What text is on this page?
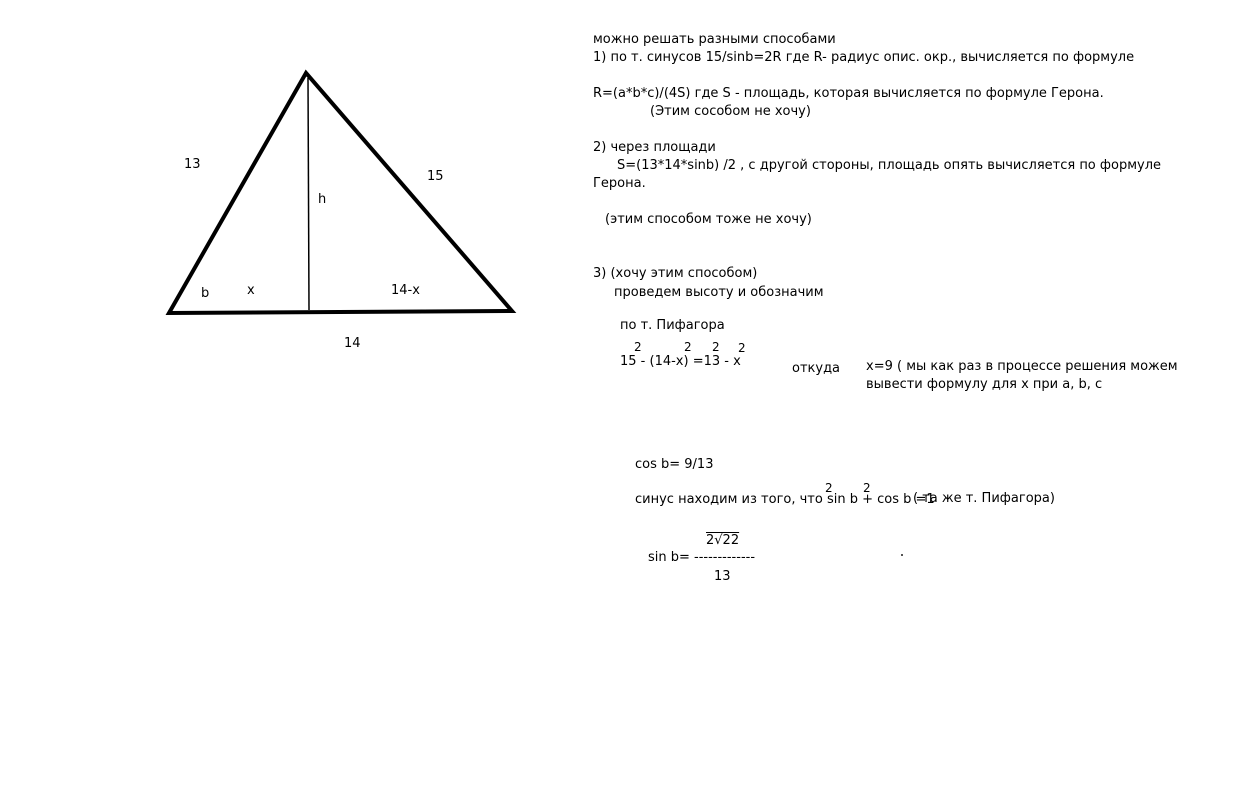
13
15
14
h
b	x	14-x
можно решать разными способами
1) по т. синусов 15/sinb=2R где R- радиус опис. окр., вычисляется по формуле
R=(a*b*c)/(4S) где S - площадь, которая вычисляется по формуле Герона.
(Этим сособом не хочу)
2) через площади
S=(13*14*sinb) /2 , с другой стороны, площадь опять вычисляется по формуле
Герона.
(этим способом тоже не хочу)
3) (хочу этим способом)
проведем высоту и обозначим
по т. Пифагора
15 - (14-x) =13 - x
2	2 2 2
откуда x=9 ( мы как раз в процессе решения можем
вывести формулу для x при a, b, c
cos b= 9/13
синус находим из того, что sin b + cos b =1
2	2
( та же т. Пифагора)
2√22
sin b= -------------
13
